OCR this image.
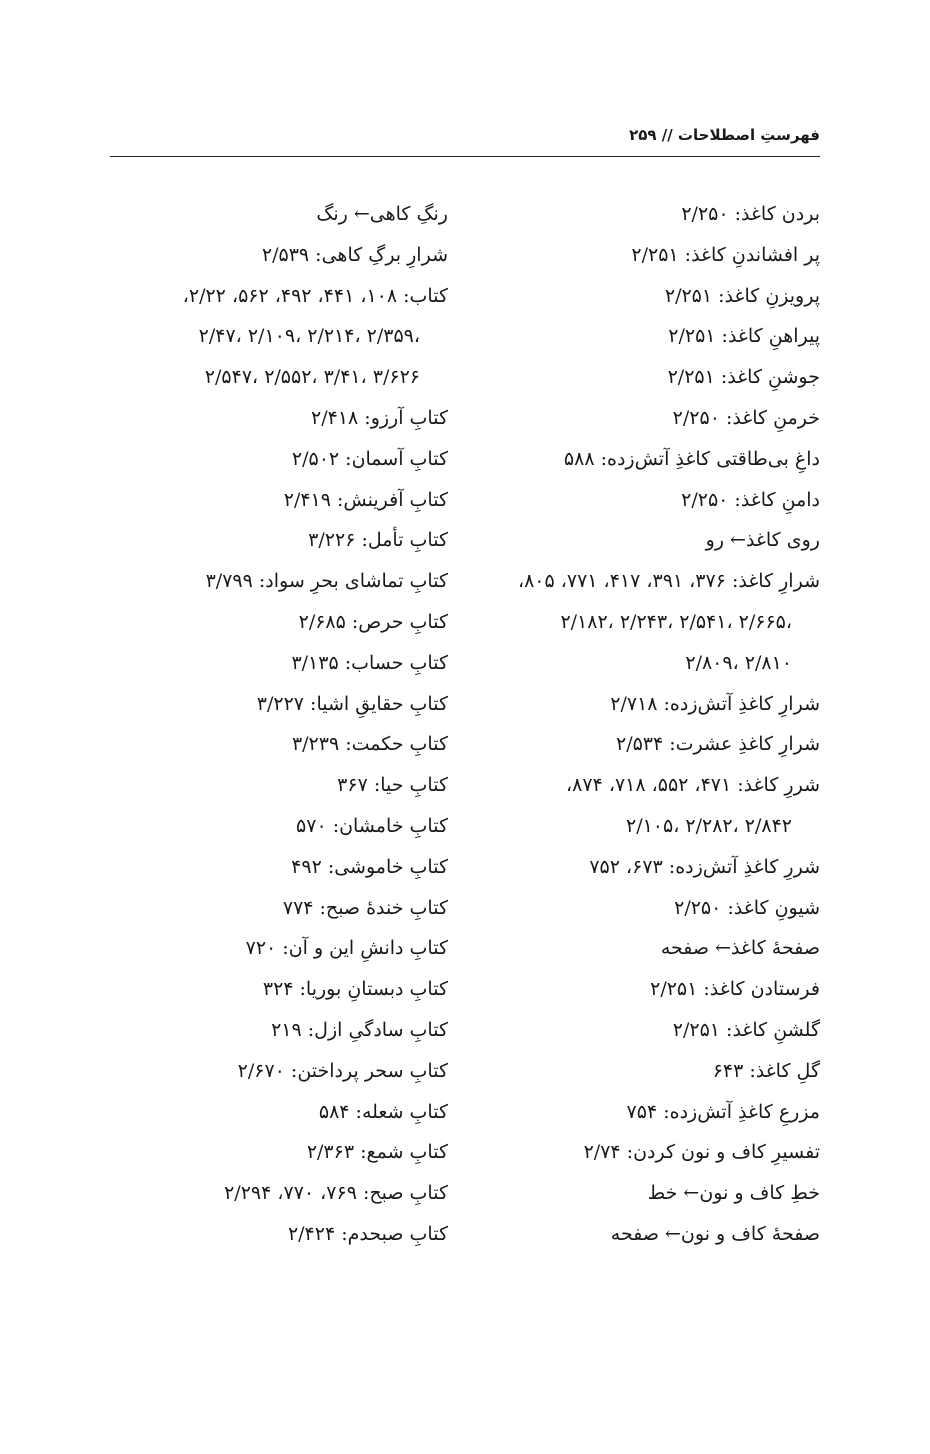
فهرستِ اصطلاحات // ۲۵۹
بردن کاغذ: ۲/۲۵۰
پر افشاندنِ کاغذ: ۲/۲۵۱
پرویزنِ کاغذ: ۲/۲۵۱
پیراهنِ کاغذ: ۲/۲۵۱
جوشنِ کاغذ: ۲/۲۵۱
خرمنِ کاغذ: ۲/۲۵۰
داغِ بی‌طاقتی کاغذِ آتش‌زده: ۵۸۸
دامنِ کاغذ: ۲/۲۵۰
روی کاغذ← رو
شرارِ کاغذ: ۳۷۶، ۳۹۱، ۴۱۷، ۷۷۱، ۸۰۵،
۲/۱۸۲، ۲/۲۴۳، ۲/۵۴۱، ۲/۶۶۵،
۲/۸۰۹، ۲/۸۱۰
شرارِ کاغذِ آتش‌زده: ۲/۷۱۸
شرارِ کاغذِ عشرت: ۲/۵۳۴
شررِ کاغذ: ۴۷۱، ۵۵۲، ۷۱۸، ۸۷۴،
۲/۱۰۵، ۲/۲۸۲، ۲/۸۴۲
شررِ کاغذِ آتش‌زده: ۶۷۳، ۷۵۲
شیونِ کاغذ: ۲/۲۵۰
صفحهٔ کاغذ← صفحه
فرستادن کاغذ: ۲/۲۵۱
گلشنِ کاغذ: ۲/۲۵۱
گلِ کاغذ: ۶۴۳
مزرعِ کاغذِ آتش‌زده: ۷۵۴
تفسیرِ کاف و نون کردن: ۲/۷۴
خطِ کاف و نون← خط
صفحهٔ کاف و نون← صفحه
رنگِ کاهی← رنگ
شرارِ برگِ کاهی: ۲/۵۳۹
کتاب: ۱۰۸، ۴۴۱، ۴۹۲، ۵۶۲، ۲/۲۲،
۲/۴۷، ۲/۱۰۹، ۲/۲۱۴، ۲/۳۵۹،
۲/۵۴۷، ۲/۵۵۲، ۳/۴۱، ۳/۶۲۶
کتابِ آرزو: ۲/۴۱۸
کتابِ آسمان: ۲/۵۰۲
کتابِ آفرینش: ۲/۴۱۹
کتابِ تأمل: ۳/۲۲۶
کتابِ تماشای بحرِ سواد: ۳/۷۹۹
کتابِ حرص: ۲/۶۸۵
کتابِ حساب: ۳/۱۳۵
کتابِ حقایقِ اشیا: ۳/۲۲۷
کتابِ حکمت: ۳/۲۳۹
کتابِ حیا: ۳۶۷
کتابِ خامشان: ۵۷۰
کتابِ خاموشی: ۴۹۲
کتابِ خندهٔ صبح: ۷۷۴
کتابِ دانشِ این و آن: ۷۲۰
کتابِ دبستانِ بوریا: ۳۲۴
کتابِ سادگیِ ازل: ۲۱۹
کتابِ سحر پرداختن: ۲/۶۷۰
کتابِ شعله: ۵۸۴
کتابِ شمع: ۲/۳۶۳
کتابِ صبح: ۷۶۹، ۷۷۰، ۲/۲۹۴
کتابِ صبحدم: ۲/۴۲۴
